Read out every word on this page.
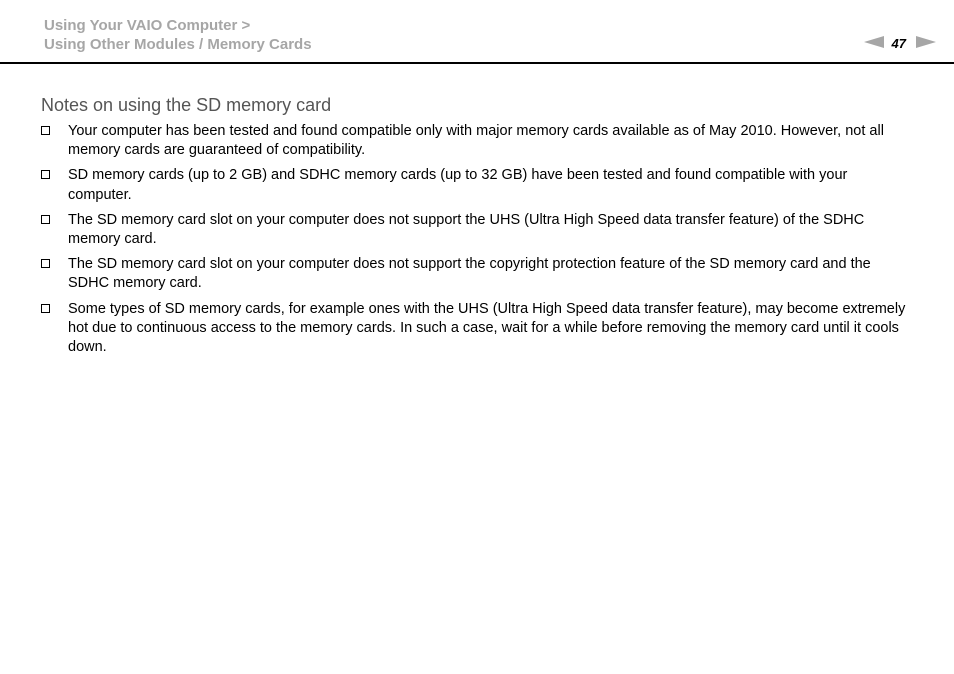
Using Your VAIO Computer >
Using Other Modules / Memory Cards	47
Notes on using the SD memory card
Your computer has been tested and found compatible only with major memory cards available as of May 2010. However, not all memory cards are guaranteed of compatibility.
SD memory cards (up to 2 GB) and SDHC memory cards (up to 32 GB) have been tested and found compatible with your computer.
The SD memory card slot on your computer does not support the UHS (Ultra High Speed data transfer feature) of the SDHC memory card.
The SD memory card slot on your computer does not support the copyright protection feature of the SD memory card and the SDHC memory card.
Some types of SD memory cards, for example ones with the UHS (Ultra High Speed data transfer feature), may become extremely hot due to continuous access to the memory cards. In such a case, wait for a while before removing the memory card until it cools down.
